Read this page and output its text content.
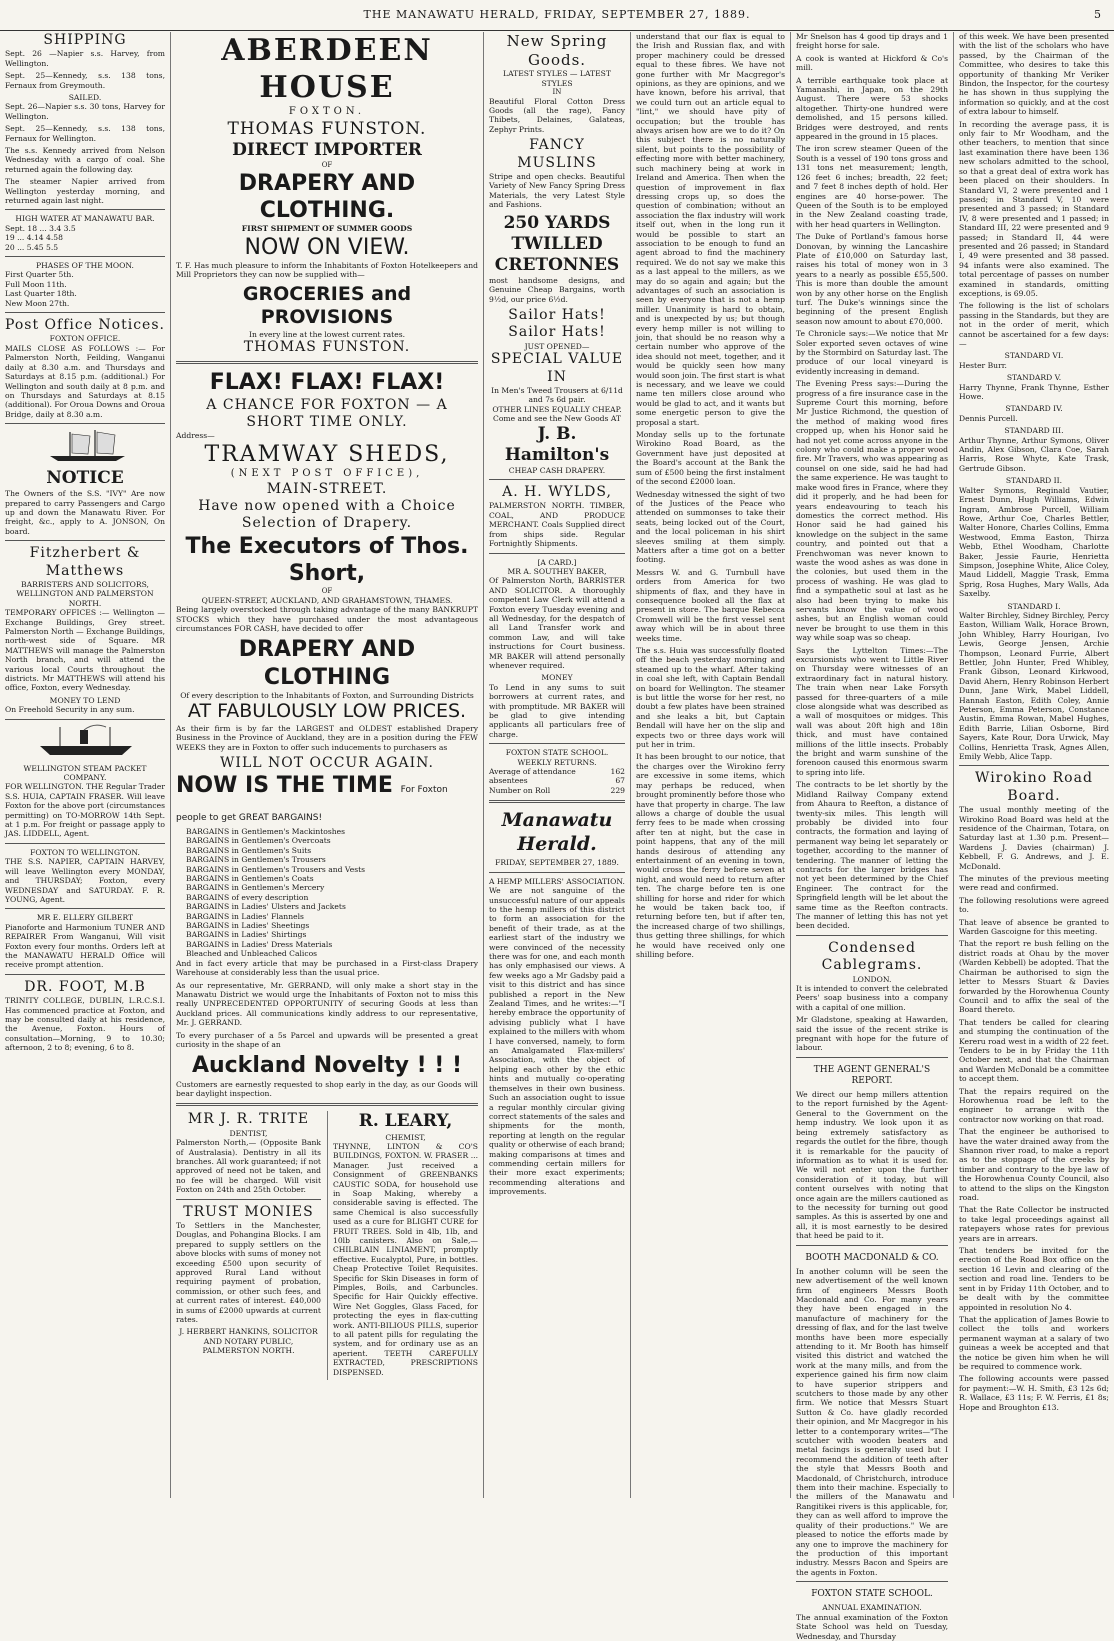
THE MANAWATU HERALD, FRIDAY, SEPTEMBER 27, 1889.	5
SHIPPING

Sept. 26 —Napier s.s. Harvey, from Wellington.

Sept. 25—Kennedy, s.s. 138 tons, Fernaux from Greymouth.

SAILED.

Sept. 26—Napier s.s. 30 tons, Harvey for Wellington.

Sept. 25—Kennedy, s.s. 138 tons, Fernaux for Wellington.

The s.s. Kennedy arrived from Nelson Wednesday with a cargo of coal. She returned again the following day.

The steamer Napier arrived from Wellington yesterday morning, and returned again last night.

HIGH WATER AT MANAWATU BAR.
Sept. 18 ... 3.4 3.5
19 ... 4.14 4.58
20 ... 5.45 5.5
PHASES OF THE MOON.
First Quarter 5th.
Full Moon 11th.
Last Quarter 18th.
New Moon 27th.
Post Office Notices.
FOXTON OFFICE.

MAILS CLOSE AS FOLLOWS :— For Palmerston North, Feilding, Wanganui daily at 8.30 a.m. and Thursdays and Saturdays at 8.15 p.m. (additional.) For Wellington and south daily at 8 p.m. and on Thursdays and Saturdays at 8.15 (additional). For Oroua Downs and Oroua Bridge, daily at 8.30 a.m.

NOTICE

The Owners of the S.S. "IVY" Are now prepared to carry Passengers and Cargo up and down the Manawatu River. For freight, &c., apply to A. JONSON, On board.

Fitzherbert & Matthews
BARRISTERS AND SOLICITORS, WELLINGTON AND PALMERSTON NORTH.

TEMPORARY OFFICES :— Wellington — Exchange Buildings, Grey street. Palmerston North — Exchange Buildings, north-west side of Square. MR MATTHEWS will manage the Palmerston North branch, and will attend the various local Courts throughout the districts. Mr MATTHEWS will attend his office, Foxton, every Wednesday.

MONEY TO LEND

On Freehold Security in any sum.

WELLINGTON STEAM PACKET COMPANY.

FOR WELLINGTON. THE Regular Trader S.S. HUIA, CAPTAIN FRASER. Will leave Foxton for the above port (circumstances permitting) on TO-MORROW 14th Sept. at 1 p.m. For freight or passage apply to JAS. LIDDELL, Agent.

FOXTON TO WELLINGTON.

THE S.S. NAPIER, CAPTAIN HARVEY, will leave Wellington every MONDAY, and THURSDAY; Foxton, every WEDNESDAY and SATURDAY. F. R. YOUNG, Agent.

MR E. ELLERY GILBERT

Pianoforte and Harmonium TUNER AND REPAIRER From Wanganui, Will visit Foxton every four months. Orders left at the MANAWATU HERALD Office will receive prompt attention.

DR. FOOT, M.B

TRINITY COLLEGE, DUBLIN, L.R.C.S.I. Has commenced practice at Foxton, and may be consulted daily at his residence, the Avenue, Foxton. Hours of consultation—Morning, 9 to 10.30; afternoon, 2 to 8; evening, 6 to 8.

ABERDEEN HOUSE
FOXTON.
THOMAS FUNSTON.
DIRECT IMPORTER
OF
DRAPERY AND CLOTHING.
FIRST SHIPMENT OF SUMMER GOODS
NOW ON VIEW.

T. F. Has much pleasure to inform the Inhabitants of Foxton Hotelkeepers and Mill Proprietors they can now be supplied with—

GROCERIES and PROVISIONS
In every line at the lowest current rates.
THOMAS FUNSTON.
FLAX! FLAX! FLAX!
A CHANCE FOR FOXTON — A SHORT TIME ONLY.
Address—
TRAMWAY SHEDS,
(NEXT POST OFFICE),
MAIN-STREET.
Have now opened with a Choice Selection of Drapery.
The Executors of Thos. Short,
OF
QUEEN-STREET, AUCKLAND, AND GRAHAMSTOWN, THAMES.

Being largely overstocked through taking advantage of the many BANKRUPT STOCKS which they have purchased under the most advantageous circumstances FOR CASH, have decided to offer

DRAPERY AND CLOTHING
Of every description to the Inhabitants of Foxton, and Surrounding Districts
AT FABULOUSLY LOW PRICES.

As their firm is by far the LARGEST and OLDEST established Drapery Business in the Province of Auckland, they are in a position during the FEW WEEKS they are in Foxton to offer such inducements to purchasers as

WILL NOT OCCUR AGAIN.
NOW IS THE TIME For Foxton people to get GREAT BARGAINS!
BARGAINS in Gentlemen's Mackintoshes
BARGAINS in Gentlemen's Overcoats
BARGAINS in Gentlemen's Suits
BARGAINS in Gentlemen's Trousers
BARGAINS in Gentlemen's Trousers and Vests
BARGAINS in Gentlemen's Coats
BARGAINS in Gentlemen's Mercery
BARGAINS of every description
BARGAINS in Ladies' Ulsters and Jackets
BARGAINS in Ladies' Flannels
BARGAINS in Ladies' Sheetings
BARGAINS in Ladies' Shirtings
BARGAINS in Ladies' Dress Materials
Bleached and Unbleached Calicos

And in fact every article that may be purchased in a First-class Drapery Warehouse at considerably less than the usual price.

As our representative, Mr. GERRAND, will only make a short stay in the Manawatu District we would urge the Inhabitants of Foxton not to miss this really UNPRECEDENTED OPPORTUNITY of securing Goods at less than Auckland prices. All communications kindly address to our representative, Mr. J. GERRAND.

To every purchaser of a 5s Parcel and upwards will be presented a great curiosity in the shape of an

Auckland Novelty ! ! !

Customers are earnestly requested to shop early in the day, as our Goods will bear daylight inspection.

MR J. R. TRITE
DENTIST,

Palmerston North,— (Opposite Bank of Australasia). Dentistry in all its branches. All work guaranteed; if not approved of need not be taken, and no fee will be charged. Will visit Foxton on 24th and 25th October.

TRUST MONIES

To Settlers in the Manchester, Douglas, and Pohangina Blocks. I am prepared to supply settlers on the above blocks with sums of money not exceeding £500 upon security of approved Rural Land without requiring payment of probation, commission, or other such fees, and at current rates of interest. £40,000 in sums of £2000 upwards at current rates.

J. HERBERT HANKINS, SOLICITOR AND NOTARY PUBLIC, PALMERSTON NORTH.

R. LEARY,
CHEMIST,

THYNNE, LINTON & CO'S BUILDINGS, FOXTON. W. FRASER ... Manager. Just received a Consignment of GREENBANKS CAUSTIC SODA, for household use in Soap Making, whereby a considerable saving is effected. The same Chemical is also successfully used as a cure for BLIGHT CURE for FRUIT TREES. Sold in 4lb, 1lb, and 10lb canisters. Also on Sale,— CHILBLAIN LINIAMENT, promptly effective. Eucalyptol, Pure, in bottles. Cheap Protective Toilet Requisites. Specific for Skin Diseases in form of Pimples, Boils, and Carbuncles. Specific for Hair Quickly effective. Wire Net Goggles, Glass Faced, for protecting the eyes in flax-cutting work. ANTI-BILIOUS PILLS, superior to all patent pills for regulating the system, and for ordinary use as an aperient. TEETH CAREFULLY EXTRACTED, PRESCRIPTIONS DISPENSED.

New Spring Goods.
LATEST STYLES — LATEST STYLES
IN

Beautiful Floral Cotton Dress Goods (all the rage), Fancy Thibets, Delaines, Galateas, Zephyr Prints.

FANCY MUSLINS

Stripe and open checks. Beautiful Variety of New Fancy Spring Dress Materials, the very Latest Style and Fashions.

250 YARDS TWILLED CRETONNES

most handsome designs, and Genuine Cheap Bargains, worth 9½d, our price 6½d.

Sailor Hats! Sailor Hats!
JUST OPENED—
SPECIAL VALUE IN
In Men's Tweed Trousers at 6/11d and 7s 6d pair.
OTHER LINES EQUALLY CHEAP.
Come and see the New Goods AT
J. B. Hamilton's
CHEAP CASH DRAPERY.
A. H. WYLDS,

PALMERSTON NORTH. TIMBER, COAL, AND PRODUCE MERCHANT. Coals Supplied direct from ships side. Regular Fortnightly Shipments.

[A CARD.]
MR A. SOUTHEY BAKER,

Of Palmerston North, BARRISTER AND SOLICITOR. A thoroughly competent Law Clerk will attend a Foxton every Tuesday evening and all Wednesday, for the despatch of all Land Transfer work and common Law, and will take instructions for Court business. MR BAKER will attend personally whenever required.

MONEY

To Lend in any sums to suit borrowers at current rates, and with promptitude. MR BAKER will be glad to give intending applicants all particulars free of charge.

FOXTON STATE SCHOOL.
WEEKLY RETURNS.
Average of attendance	162
absentees	67
Number on Roll	229
Manawatu Herald.
FRIDAY, SEPTEMBER 27, 1889.
A HEMP MILLERS' ASSOCIATION.

We are not sanguine of the unsuccessful nature of our appeals to the hemp millers of this district to form an association for the benefit of their trade, as at the earliest start of the industry we were convinced of the necessity there was for one, and each month has only emphasised our views. A few weeks ago a Mr Gadsby paid a visit to this district and has since published a report in the New Zealand Times, and he writes:—"I hereby embrace the opportunity of advising publicly what I have explained to the millers with whom I have conversed, namely, to form an Amalgamated Flax-millers' Association, with the object of helping each other by the ethic hints and mutually co-operating themselves in their own business. Such an association ought to issue a regular monthly circular giving correct statements of the sales and shipments for the month, reporting at length on the regular quality or otherwise of each brand; making comparisons at times and commending certain millers for their more exact experiments; recommending alterations and improvements.

understand that our flax is equal to the Irish and Russian flax, and with proper machinery could be dressed equal to these fibres. We have not gone further with Mr Macgregor's opinions, as they are opinions, and we have known, before his arrival, that we could turn out an article equal to "lint," we should have pity of occupation; but the trouble has always arisen how are we to do it? On this subject there is no naturally silent, but points to the possibility of effecting more with better machinery, such machinery being at work in Ireland and America. Then when the question of improvement in flax dressing crops up, so does the question of combination; without an association the flax industry will work itself out, when in the long run it would be possible to start an association to be enough to fund an agent abroad to find the machinery required. We do not say we make this as a last appeal to the millers, as we may do so again and again; but the advantages of such an association is seen by everyone that is not a hemp miller. Unanimity is hard to obtain, and is unexpected by us; but though every hemp miller is not willing to join, that should be no reason why a certain number who approve of the idea should not meet, together, and it would be quickly seen how many would soon join. The first start is what is necessary, and we leave we could name ten millers close around who would be glad to act, and it wants but some energetic person to give the proposal a start.

Monday sells up to the fortunate Wirokino Road Board, as the Government have just deposited at the Board's account at the Bank the sum of £500 being the first instalment of the second £2000 loan.

Wednesday witnessed the sight of two of the Justices of the Peace who attended on summonses to take their seats, being locked out of the Court, and the local policeman in his shirt sleeves smiling at them simply. Matters after a time got on a better footing.

Messrs W. and G. Turnbull have orders from America for two shipments of flax, and they have in consequence booked all the flax at present in store. The barque Rebecca Cromwell will be the first vessel sent away which will be in about three weeks time.

The s.s. Huia was successfully floated off the beach yesterday morning and steamed up to the wharf. After taking in coal she left, with Captain Bendall on board for Wellington. The steamer is but little the worse for her rest, no doubt a few plates have been strained and she leaks a bit, but Captain Bendall will have her on the slip and expects two or three days work will put her in trim.

It has been brought to our notice, that the charges over the Wirokino ferry are excessive in some items, which may perhaps be reduced, when brought prominently before those who have that property in charge. The law allows a charge of double the usual ferry fees to be made when crossing after ten at night, but the case in point happens, that any of the mill hands desirous of attending any entertainment of an evening in town, would cross the ferry before seven at night, and would need to return after ten. The charge before ten is one shilling for horse and rider for which he would be taken back too, if returning before ten, but if after ten, the increased charge of two shillings, thus getting three shillings, for which he would have received only one shilling before.

Mr Snelson has 4 good tip drays and 1 freight horse for sale.

A cook is wanted at Hickford & Co's mill.

A terrible earthquake took place at Yamanashi, in Japan, on the 29th August. There were 53 shocks altogether. Thirty-one hundred were demolished, and 15 persons killed. Bridges were destroyed, and rents appeared in the ground in 15 places.

The iron screw steamer Queen of the South is a vessel of 190 tons gross and 131 tons net measurement; length, 126 feet 6 inches; breadth, 22 feet; and 7 feet 8 inches depth of hold. Her engines are 40 horse-power. The Queen of the South is to be employed in the New Zealand coasting trade, with her head quarters in Wellington.

The Duke of Portland's famous horse Donovan, by winning the Lancashire Plate of £10,000 on Saturday last, raises his total of money won in 3 years to a nearly as possible £55,500. This is more than double the amount won by any other horse on the English turf. The Duke's winnings since the beginning of the present English season now amount to about £70,000.

Te Chronicle says:—We notice that Mr Soler exported seven octaves of wine by the Stormbird on Saturday last. The produce of our local vineyard is evidently increasing in demand.

The Evening Press says:—During the progress of a fire insurance case in the Supreme Court this morning, before Mr Justice Richmond, the question of the method of making wood fires cropped up, when his Honor said he had not yet come across anyone in the colony who could make a proper wood fire. Mr Travers, who was appearing as counsel on one side, said he had had the same experience. He was taught to make wood fires in France, where they did it properly, and he had been for years endeavouring to teach his domestics the correct method. His Honor said he had gained his knowledge on the subject in the same country, and pointed out that a Frenchwoman was never known to waste the wood ashes as was done in the colonies, but used them in the process of washing. He was glad to find a sympathetic soul at last as he also had been trying to make his servants know the value of wood ashes, but an English woman could never be brought to use them in this way while soap was so cheap.

Says the Lyttelton Times:—The excursionists who went to Little River on Thursday were witnesses of an extraordinary fact in natural history. The train when near Lake Forsyth passed for three-quarters of a mile close alongside what was described as a wall of mosquitoes or midges. This wall was about 20ft high and 18in thick, and must have contained millions of the little insects. Probably the bright and warm sunshine of the forenoon caused this enormous swarm to spring into life.

The contracts to be let shortly by the Midland Railway Company extend from Ahaura to Reefton, a distance of twenty-six miles. This length will probably be divided into four contracts, the formation and laying of permanent way being let separately or together, according to the manner of tendering. The manner of letting the contracts for the larger bridges has not yet been determined by the Chief Engineer. The contract for the Springfield length will be let about the same time as the Reefton contracts. The manner of letting this has not yet been decided.

Condensed Cablegrams.
LONDON.

It is intended to convert the celebrated Peers' soap business into a company with a capital of one million.

Mr Gladstone, speaking at Hawarden, said the issue of the recent strike is pregnant with hope for the future of labour.

THE AGENT GENERAL'S REPORT.

We direct our hemp millers attention to the report furnished by the Agent-General to the Government on the hemp industry. We look upon it as being extremely satisfactory as regards the outlet for the fibre, though it is remarkable for the paucity of information as to what it is used for. We will not enter upon the further consideration of it today, but will content ourselves with noting that once again are the millers cautioned as to the necessity for turning out good samples. As this is asserted by one and all, it is most earnestly to be desired that heed be paid to it.

BOOTH MACDONALD & CO.

In another column will be seen the new advertisement of the well known firm of engineers Messrs Booth Macdonald and Co. For many years they have been engaged in the manufacture of machinery for the dressing of flax, and for the last twelve months have been more especially attending to it. Mr Booth has himself visited this district and watched the work at the many mills, and from the experience gained his firm now claim to have superior strippers and scutchers to those made by any other firm. We notice that Messrs Stuart Sutton & Co. have gladly recorded their opinion, and Mr Macgregor in his letter to a contemporary writes—"The scutcher with wooden beaters and metal facings is generally used but I recommend the addition of teeth after the style that Messrs Booth and Macdonald, of Christchurch, introduce them into their machine. Especially to the millers of the Manawatu and Rangitikei rivers is this applicable, for, they can as well afford to improve the quality of their productions." We are pleased to notice the efforts made by any one to improve the machinery for the production of this important industry. Messrs Bacon and Speirs are the agents in Foxton.

FOXTON STATE SCHOOL.
ANNUAL EXAMINATION.

The annual examination of the Foxton State School was held on Tuesday, Wednesday, and Thursday

of this week. We have been presented with the list of the scholars who have passed, by the Chairman of the Committee, who desires to take this opportunity of thanking Mr Veriker Bindon, the Inspector, for the courtesy he has shown in thus supplying the information so quickly, and at the cost of extra labour to himself.

In recording the average pass, it is only fair to Mr Woodham, and the other teachers, to mention that since last examination there have been 136 new scholars admitted to the school, so that a great deal of extra work has been placed on their shoulders. In Standard VI, 2 were presented and 1 passed; in Standard V, 10 were presented and 3 passed; in Standard IV, 8 were presented and 1 passed; in Standard III, 22 were presented and 9 passed; in Standard II, 44 were presented and 26 passed; in Standard I, 49 were presented and 38 passed. 94 infants were also examined. The total percentage of passes on number examined in standards, omitting exceptions, is 69.05.

The following is the list of scholars passing in the Standards, but they are not in the order of merit, which cannot be ascertained for a few days:—

STANDARD VI.

Hester Burr.

STANDARD V.

Harry Thynne, Frank Thynne, Esther Howe.

STANDARD IV.

Dennis Purcell.

STANDARD III.

Arthur Thynne, Arthur Symons, Oliver Andin, Alex Gibson, Clara Coe, Sarah Harris, Rose Whyte, Kate Trask, Gertrude Gibson.

STANDARD II.

Walter Symons, Reginald Vautier, Ernest Dunn, Hugh Williams, Edwin Ingram, Ambrose Purcell, William Rowe, Arthur Coe, Charles Bettler, Walter Honore, Charles Collins, Emma Westwood, Emma Easton, Thirza Webb, Ethel Woodham, Charlotte Baker, Jessie Faurie, Henrietta Simpson, Josephine White, Alice Coley, Maud Liddell, Maggie Trask, Emma Sprig, Rosa Hughes, Mary Walls, Ada Saxelby.

STANDARD I.

Walter Birchley, Sidney Birchley, Percy Easton, William Walk, Horace Brown, John Whibley, Harry Hourigan, Ivo Lewis, George Jensen, Archie Thompson, Leonard Furrie, Albert Bettler, John Hunter, Fred Whibley, Frank Gibson, Leonard Kirkwood, David Ahern, Henry Robinson Herbert Dunn, Jane Wirk, Mabel Liddell, Hannah Easton, Edith Coley, Annie Peterson, Emma Peterson, Constance Austin, Emma Rowan, Mabel Hughes, Edith Barrie, Lilian Osborne, Bird Sayers, Kate Rour, Dora Urwick, May Collins, Henrietta Trask, Agnes Allen, Emily Webb, Alice Tapp.

Wirokino Road Board.

The usual monthly meeting of the Wirokino Road Board was held at the residence of the Chairman, Totara, on Saturday last at 1.30 p.m. Present—Wardens J. Davies (chairman) J. Kebbell, F. G. Andrews, and J. E. McDonald.

The minutes of the previous meeting were read and confirmed.

The following resolutions were agreed to.

That leave of absence be granted to Warden Gascoigne for this meeting.

That the report re bush felling on the district roads at Ohau by the mover (Warden Kebbell) be adopted. That the Chairman be authorised to sign the letter to Messrs Stuart & Davies forwarded by the Horowhenua County Council and to affix the seal of the Board thereto.

That tenders be called for clearing and stumping the continuation of the Kereru road west in a width of 22 feet. Tenders to be in by Friday the 11th October next, and that the Chairman and Warden McDonald be a committee to accept them.

That the repairs required on the Horowhenua road be left to the engineer to arrange with the contractor now working on that road.

That the engineer be authorised to have the water drained away from the Shannon river road, to make a report as to the stoppage of the creeks by timber and contrary to the bye law of the Horowhenua County Council, also to attend to the slips on the Kingston road.

That the Rate Collector be instructed to take legal proceedings against all ratepayers whose rates for previous years are in arrears.

That tenders be invited for the erection of the Road Box office on the section 16 Levin and clearing of the section and road line. Tenders to be sent in by Friday 11th October, and to be dealt with by the committee appointed in resolution No 4.

That the application of James Bowie to collect the tolls and workers permanent wayman at a salary of two guineas a week be accepted and that the notice be given him when he will be required to commence work.

The following accounts were passed for payment:—W. H. Smith, £3 12s 6d; R. Wallace, £3 11s; F. W. Ferris, £1 8s; Hope and Broughton £13.
